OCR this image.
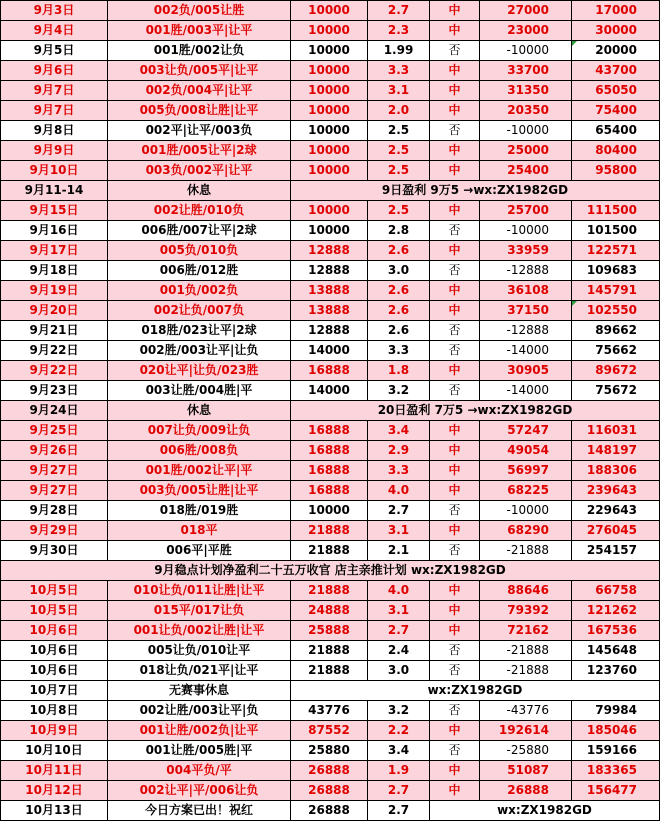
9月3日	002负/005让胜	10000	2.7	中	27000	17000
9月4日	001胜/003平|让平	10000	2.3	中	23000	30000
9月5日	001胜/002让负	10000	1.99	否	-10000	20000
9月6日	003让负/005平|让平	10000	3.3	中	33700	43700
9月7日	002负/004平|让平	10000	3.1	中	31350	65050
9月7日	005负/008让胜|让平	10000	2.0	中	20350	75400
9月8日	002平|让平/003负	10000	2.5	否	-10000	65400
9月9日	001胜/005让平|2球	10000	2.5	中	25000	80400
9月10日	003负/002平|让平	10000	2.5	中	25400	95800
9月11-14	休息	9日盈利 9万5 →wx:ZX1982GD				
9月15日	002让胜/010负	10000	2.5	中	25700	111500
9月16日	006胜/007让平|2球	10000	2.8	否	-10000	101500
9月17日	005负/010负	12888	2.6	中	33959	122571
9月18日	006胜/012胜	12888	3.0	否	-12888	109683
9月19日	001负/002负	13888	2.6	中	36108	145791
9月20日	002让负/007负	13888	2.6	中	37150	102550
9月21日	018胜/023让平|2球	12888	2.6	否	-12888	89662
9月22日	002胜/003让平|让负	14000	3.3	否	-14000	75662
9月22日	020让平|让负/023胜	16888	1.8	中	30905	89672
9月23日	003让胜/004胜|平	14000	3.2	否	-14000	75672
9月24日	休息	20日盈利 7万5 →wx:ZX1982GD				
9月25日	007让负/009让负	16888	3.4	中	57247	116031
9月26日	006胜/008负	16888	2.9	中	49054	148197
9月27日	001胜/002让平|平	16888	3.3	中	56997	188306
9月27日	003负/005让胜|让平	16888	4.0	中	68225	239643
9月28日	018胜/019胜	10000	2.7	否	-10000	229643
9月29日	018平	21888	3.1	中	68290	276045
9月30日	006平|平胜	21888	2.1	否	-21888	254157
9月稳点计划净盈利二十五万收官 店主亲推计划 wx:ZX1982GD						
10月5日	010让负/011让胜|让平	21888	4.0	中	88646	66758
10月5日	015平/017让负	24888	3.1	中	79392	121262
10月6日	001让负/002让胜|让平	25888	2.7	中	72162	167536
10月6日	005让负/010让平	21888	2.4	否	-21888	145648
10月6日	018让负/021平|让平	21888	3.0	否	-21888	123760
10月7日	无赛事休息	wx:ZX1982GD				
10月8日	002让胜/003让平|负	43776	3.2	否	-43776	79984
10月9日	001让胜/002负|让平	87552	2.2	中	192614	185046
10月10日	001让胜/005胜|平	25880	3.4	否	-25880	159166
10月11日	004平负/平	26888	1.9	中	51087	183365
10月12日	002让平|平/006让负	26888	2.7	中	26888	156477
10月13日	今日方案已出！祝红	26888	2.7	wx:ZX1982GD		
